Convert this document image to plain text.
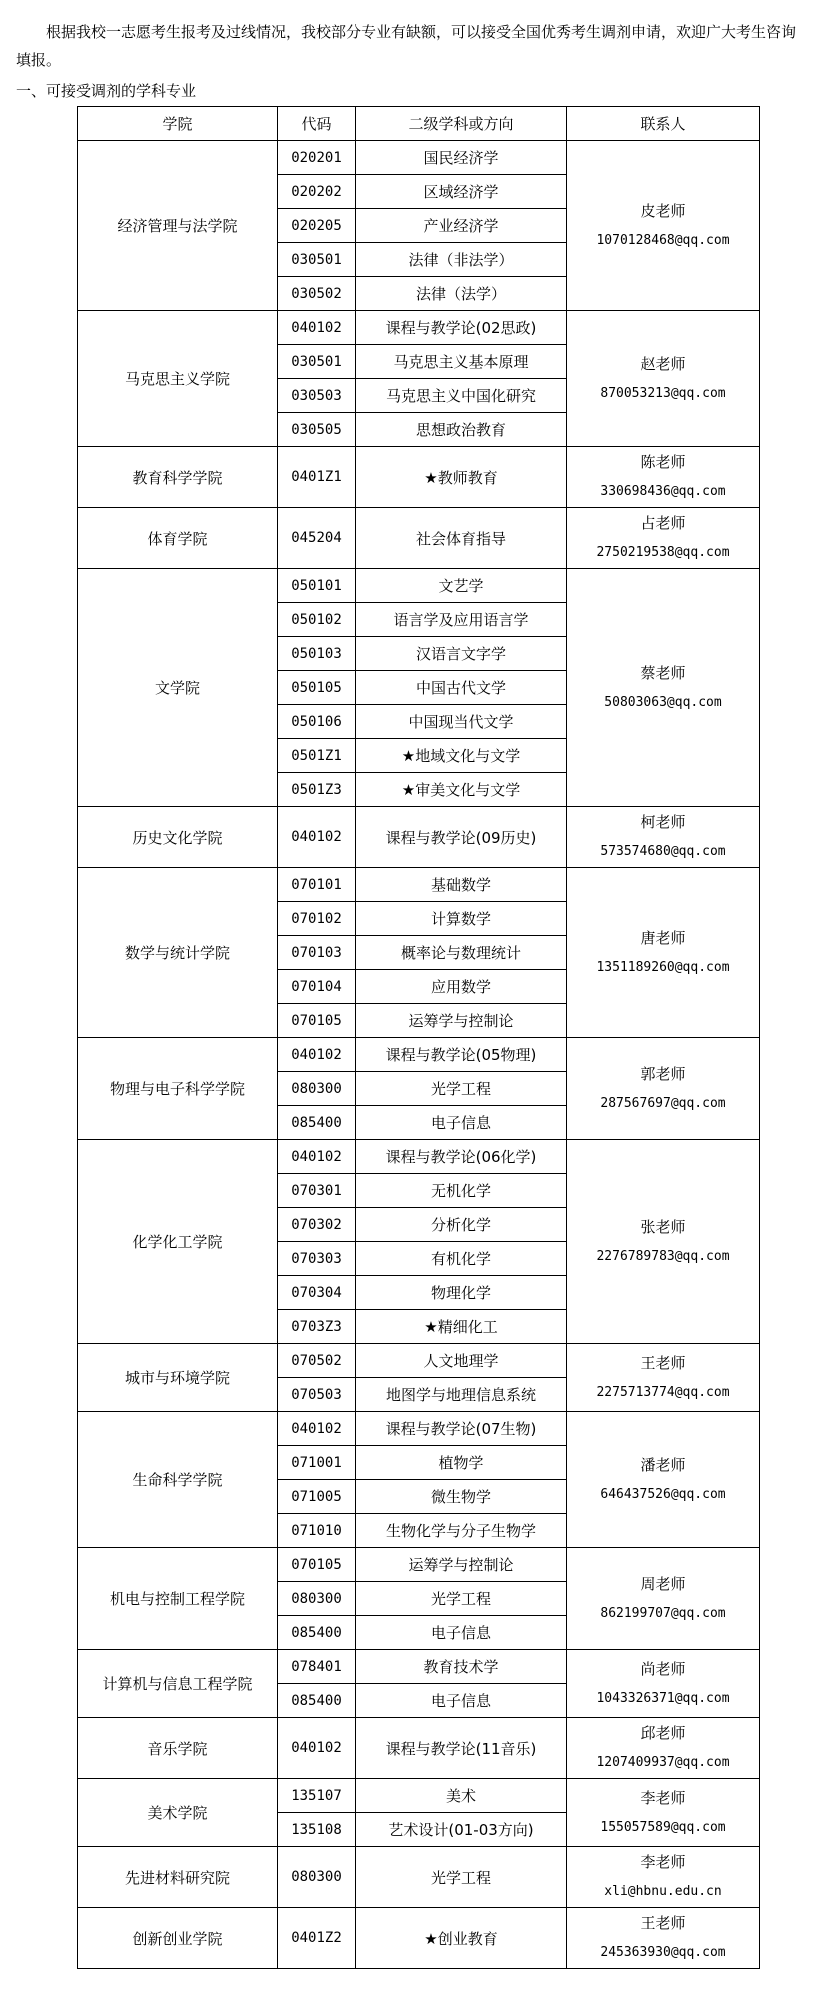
根据我校一志愿考生报考及过线情况，我校部分专业有缺额，可以接受全国优秀考生调剂申请，欢迎广大考生咨询填报。

一、可接受调剂的学科专业

学院	代码	二级学科或方向	联系人
经济管理与法学院	020201	国民经济学	皮老师
1070128468@qq.com

	020202	区域经济学	
	020205	产业经济学	
	030501	法律（非法学）	
	030502	法律（法学）	
马克思主义学院	040102	课程与教学论(02思政)	赵老师
870053213@qq.com

	030501	马克思主义基本原理	
	030503	马克思主义中国化研究	
	030505	思想政治教育	
教育科学学院	0401Z1	★教师教育	陈老师
330698436@qq.com

体育学院	045204	社会体育指导	占老师
2750219538@qq.com

文学院	050101	文艺学	蔡老师
50803063@qq.com

	050102	语言学及应用语言学	
	050103	汉语言文字学	
	050105	中国古代文学	
	050106	中国现当代文学	
	0501Z1	★地域文化与文学	
	0501Z3	★审美文化与文学	
历史文化学院	040102	课程与教学论(09历史)	柯老师
573574680@qq.com

数学与统计学院	070101	基础数学	唐老师
1351189260@qq.com

	070102	计算数学	
	070103	概率论与数理统计	
	070104	应用数学	
	070105	运筹学与控制论	
物理与电子科学学院	040102	课程与教学论(05物理)	郭老师
287567697@qq.com

	080300	光学工程	
	085400	电子信息	
化学化工学院	040102	课程与教学论(06化学)	张老师
2276789783@qq.com

	070301	无机化学	
	070302	分析化学	
	070303	有机化学	
	070304	物理化学	
	0703Z3	★精细化工	
城市与环境学院	070502	人文地理学	王老师
2275713774@qq.com

	070503	地图学与地理信息系统	
生命科学学院	040102	课程与教学论(07生物)	潘老师
646437526@qq.com

	071001	植物学	
	071005	微生物学	
	071010	生物化学与分子生物学	
机电与控制工程学院	070105	运筹学与控制论	周老师
862199707@qq.com

	080300	光学工程	
	085400	电子信息	
计算机与信息工程学院	078401	教育技术学	尚老师
1043326371@qq.com

	085400	电子信息	
音乐学院	040102	课程与教学论(11音乐)	邱老师
1207409937@qq.com

美术学院	135107	美术	李老师
155057589@qq.com

	135108	艺术设计(01-03方向)	
先进材料研究院	080300	光学工程	李老师
xli@hbnu.edu.cn

创新创业学院	0401Z2	★创业教育	王老师
245363930@qq.com
